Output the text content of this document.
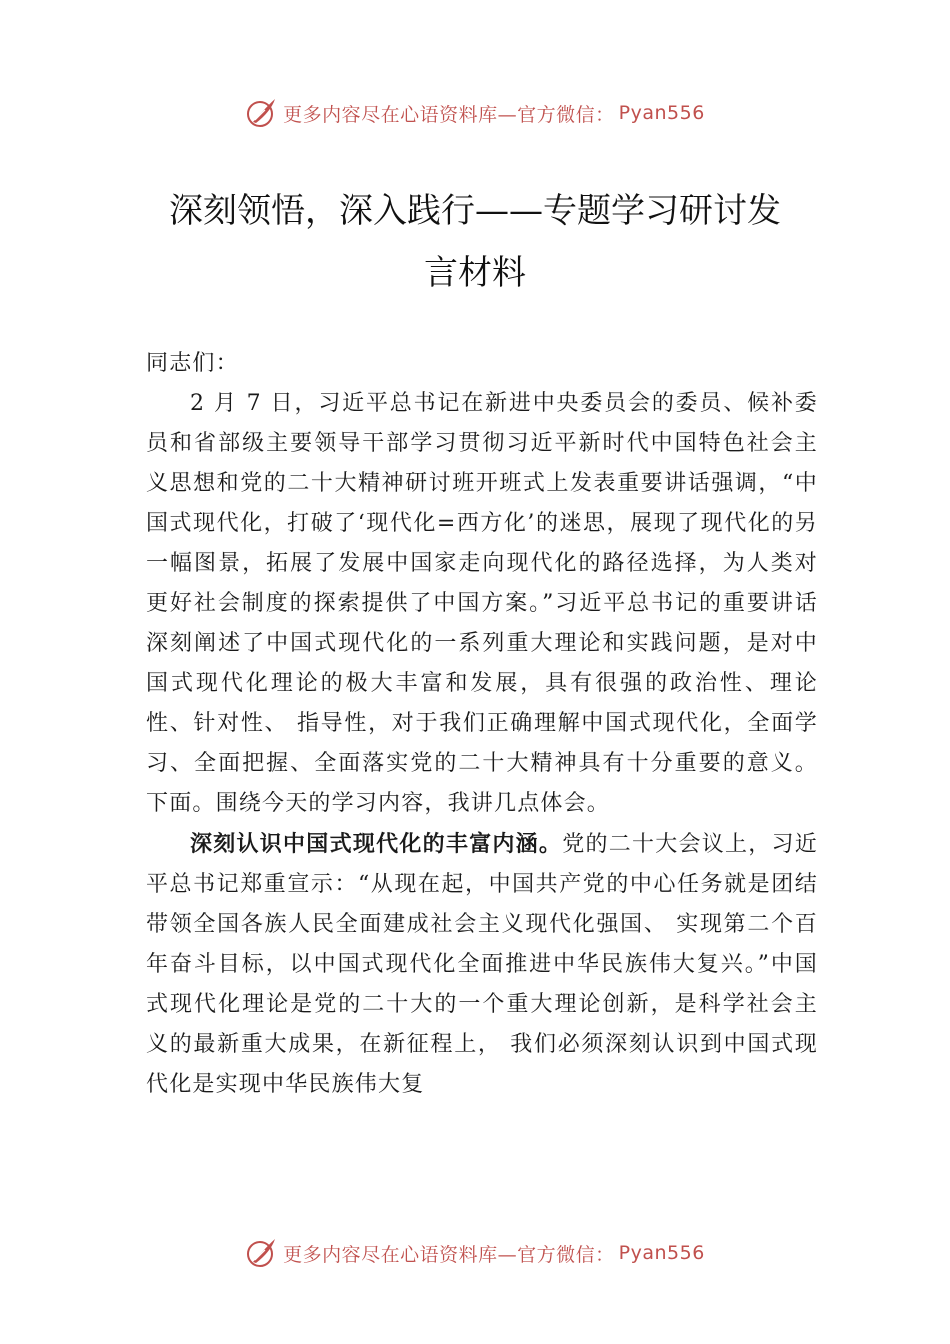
更多内容尽在心语资料库—官方微信： Pyan556
深刻领悟，深入践行——专题学习研讨发
言材料

同志们：

2 月 7 日，习近平总书记在新进中央委员会的委员、候补委员和省部级主要领导干部学习贯彻习近平新时代中国特色社会主义思想和党的二十大精神研讨班开班式上发表重要讲话强调，“中国式现代化，打破了‘现代化=西方化’的迷思，展现了现代化的另一幅图景，拓展了发展中国家走向现代化的路径选择，为人类对更好社会制度的探索提供了中国方案。”习近平总书记的重要讲话深刻阐述了中国式现代化的一系列重大理论和实践问题，是对中国式现代化理论的极大丰富和发展，具有很强的政治性、理论性、针对性、 指导性，对于我们正确理解中国式现代化，全面学习、全面把握、全面落实党的二十大精神具有十分重要的意义。下面。围绕今天的学习内容，我讲几点体会。

深刻认识中国式现代化的丰富内涵。党的二十大会议上，习近平总书记郑重宣示：“从现在起，中国共产党的中心任务就是团结带领全国各族人民全面建成社会主义现代化强国、 实现第二个百年奋斗目标，以中国式现代化全面推进中华民族伟大复兴。”中国式现代化理论是党的二十大的一个重大理论创新，是科学社会主义的最新重大成果，在新征程上， 我们必须深刻认识到中国式现代化是实现中华民族伟大复

更多内容尽在心语资料库—官方微信： Pyan556
